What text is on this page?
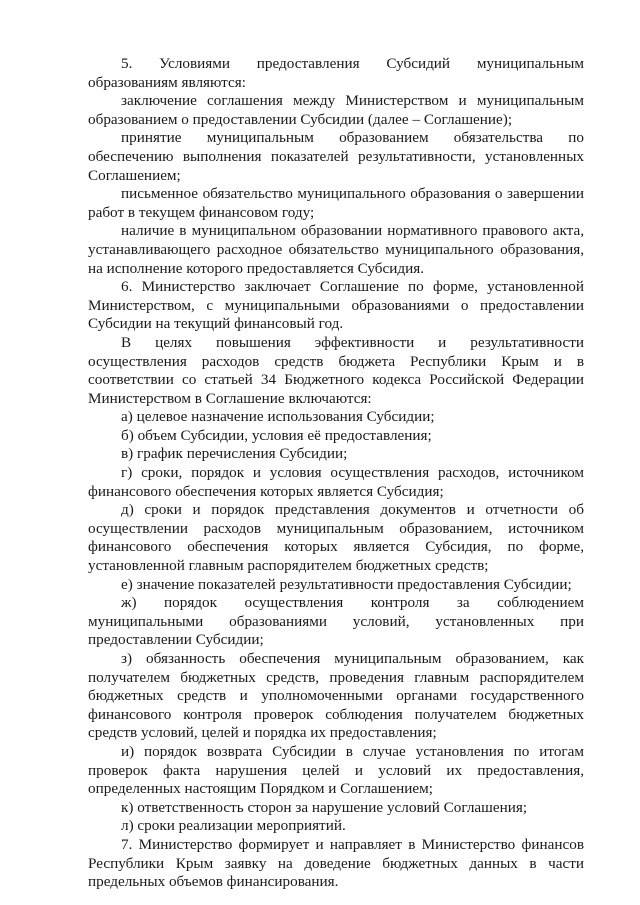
5. Условиями предоставления Субсидий муниципальным образованиям являются:

заключение соглашения между Министерством и муниципальным образованием о предоставлении Субсидии (далее – Соглашение);

принятие муниципальным образованием обязательства по обеспечению выполнения показателей результативности, установленных Соглашением;

письменное обязательство муниципального образования о завершении работ в текущем финансовом году;

наличие в муниципальном образовании нормативного правового акта, устанавливающего расходное обязательство муниципального образования, на исполнение которого предоставляется Субсидия.

6. Министерство заключает Соглашение по форме, установленной Министерством, с муниципальными образованиями о предоставлении Субсидии на текущий финансовый год.

В целях повышения эффективности и результативности осуществления расходов средств бюджета Республики Крым и в соответствии со статьей 34 Бюджетного кодекса Российской Федерации Министерством в Соглашение включаются:

а) целевое назначение использования Субсидии;

б) объем Субсидии, условия её предоставления;

в) график перечисления Субсидии;

г) сроки, порядок и условия осуществления расходов, источником финансового обеспечения которых является Субсидия;

д) сроки и порядок представления документов и отчетности об осуществлении расходов муниципальным образованием, источником финансового обеспечения которых является Субсидия, по форме, установленной главным распорядителем бюджетных средств;

е) значение показателей результативности предоставления Субсидии;

ж) порядок осуществления контроля за соблюдением муниципальными образованиями условий, установленных при предоставлении Субсидии;

з) обязанность обеспечения муниципальным образованием, как получателем бюджетных средств, проведения главным распорядителем бюджетных средств и уполномоченными органами государственного финансового контроля проверок соблюдения получателем бюджетных средств условий, целей и порядка их предоставления;

и) порядок возврата Субсидии в случае установления по итогам проверок факта нарушения целей и условий их предоставления, определенных настоящим Порядком и Соглашением;

к) ответственность сторон за нарушение условий Соглашения;

л) сроки реализации мероприятий.

7. Министерство формирует и направляет в Министерство финансов Республики Крым заявку на доведение бюджетных данных в части предельных объемов финансирования.
